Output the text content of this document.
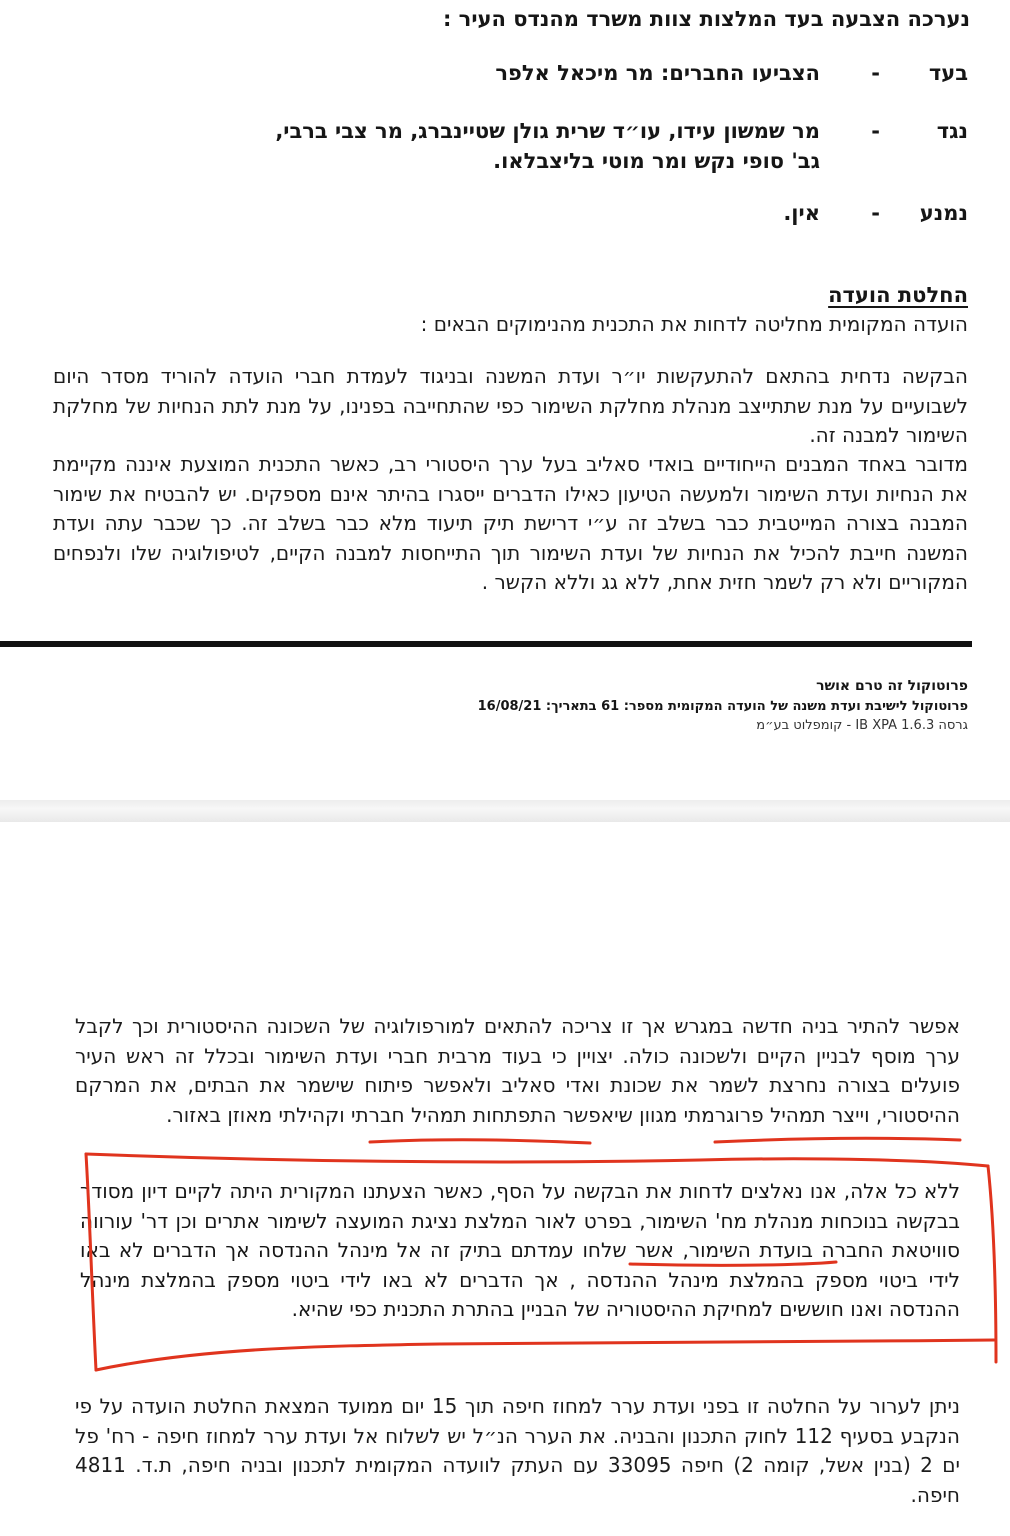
נערכה הצבעה בעד המלצות צוות משרד מהנדס העיר :

בעד
-
הצביעו החברים: מר מיכאל אלפר
נגד
-
מר שמשון עידו, עו״ד שרית גולן שטיינברג, מר צבי ברבי,
גב' סופי נקש ומר מוטי בליצבלאו.
נמנע
-
אין.

החלטת הועדה

הועדה המקומית מחליטה לדחות את התכנית מהנימוקים הבאים :

הבקשה נדחית בהתאם להתעקשות יו״ר ועדת המשנה ובניגוד לעמדת חברי הועדה להוריד מסדר היום לשבועיים על מנת שתתייצב מנהלת מחלקת השימור כפי שהתחייבה בפנינו, על מנת לתת הנחיות של מחלקת השימור למבנה זה.

מדובר באחד המבנים הייחודיים בואדי סאליב בעל ערך היסטורי רב, כאשר התכנית המוצעת איננה מקיימת את הנחיות ועדת השימור ולמעשה הטיעון כאילו הדברים ייסגרו בהיתר אינם מספקים. יש להבטיח את שימור המבנה בצורה המייטבית כבר בשלב זה ע״י דרישת תיק תיעוד מלא כבר בשלב זה. כך שכבר עתה ועדת המשנה חייבת להכיל את הנחיות של ועדת השימור תוך התייחסות למבנה הקיים, לטיפולוגיה שלו ולנפחים המקוריים ולא רק לשמר חזית אחת, ללא גג וללא הקשר .

פרוטוקול זה טרם אושר

פרוטוקול לישיבת ועדת משנה של הועדה המקומית מספר: 61 בתאריך: 16/08/21

גרסה IB XPA 1.6.3 - קומפלוט בע״מ

אפשר להתיר בניה חדשה במגרש אך זו צריכה להתאים למורפולוגיה של השכונה ההיסטורית וכך לקבל ערך מוסף לבניין הקיים ולשכונה כולה. יצויין כי בעוד מרבית חברי ועדת השימור ובכלל זה ראש העיר פועלים בצורה נחרצת לשמר את שכונת ואדי סאליב ולאפשר פיתוח שישמר את הבתים, את המרקם ההיסטורי, וייצר תמהיל פרוגרמתי מגוון שיאפשר התפתחות תמהיל חברתי וקהילתי מאוזן באזור.

ללא כל אלה, אנו נאלצים לדחות את הבקשה על הסף, כאשר הצעתנו המקורית היתה לקיים דיון מסודר בבקשה בנוכחות מנהלת מח' השימור, בפרט לאור המלצת נציגת המועצה לשימור אתרים וכן דר' עורווה סוויטאת החברה בועדת השימור, אשר שלחו עמדתם בתיק זה אל מינהל ההנדסה אך הדברים לא באו לידי ביטוי מספק בהמלצת מינהל ההנדסה , אך הדברים לא באו לידי ביטוי מספק בהמלצת מינהל ההנדסה ואנו חוששים למחיקת ההיסטוריה של הבניין בהתרת התכנית כפי שהיא.

ניתן לערור על החלטה זו בפני ועדת ערר למחוז חיפה תוך 15 יום ממועד המצאת החלטת הועדה על פי הנקבע בסעיף 112 לחוק התכנון והבניה. את הערר הנ״ל יש לשלוח אל ועדת ערר למחוז חיפה - רח' פל ים 2 (בנין אשל, קומה 2) חיפה 33095 עם העתק לוועדה המקומית לתכנון ובניה חיפה, ת.ד. 4811 חיפה.
